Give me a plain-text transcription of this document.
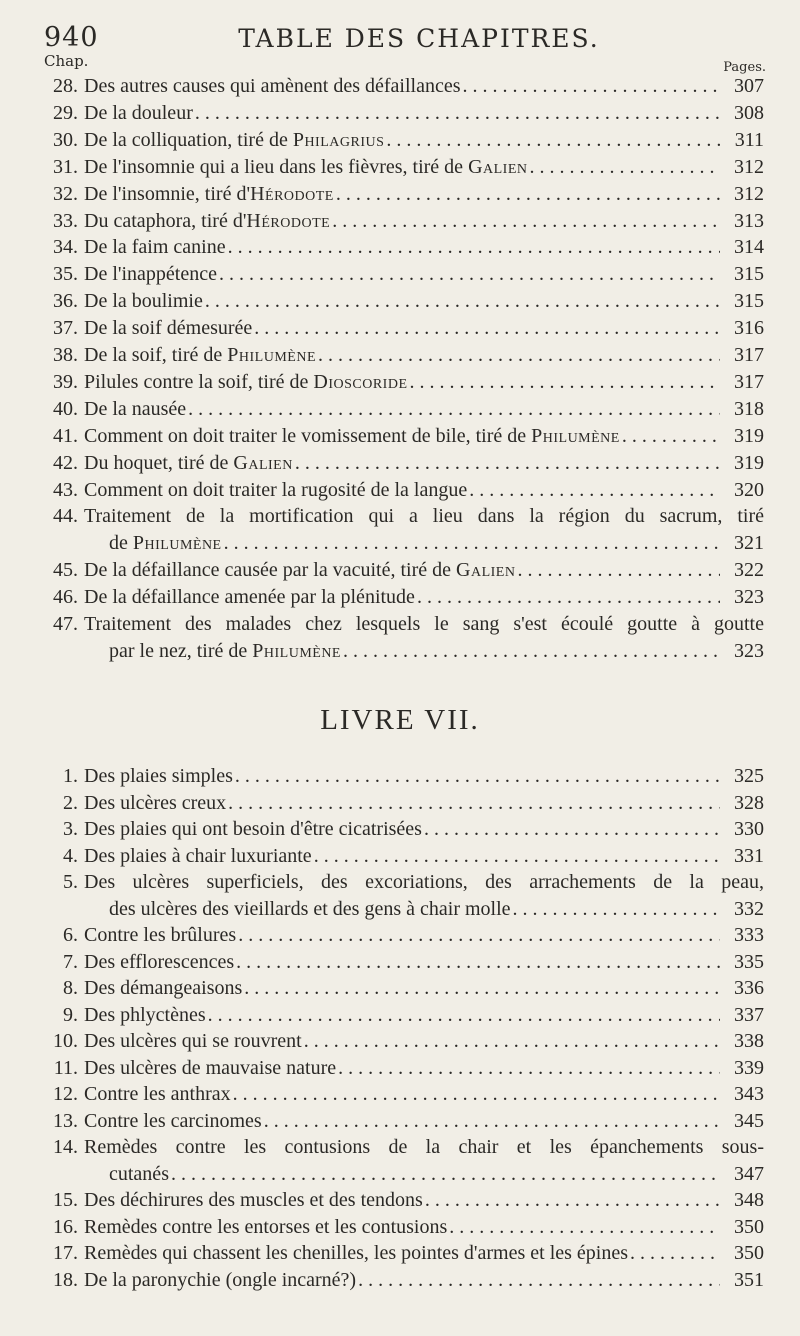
940	TABLE DES CHAPITRES.
Chap.	Pages.
28. Des autres causes qui amènent des défaillances . . .	307
29. De la douleur . . .	308
30. De la colliquation, tiré de Philagrius . . .	311
31. De l'insomnie qui a lieu dans les fièvres, tiré de Galien . . .	312
32. De l'insomnie, tiré d'Hérodote . . .	312
33. Du cataphora, tiré d'Hérodote . . .	313
34. De la faim canine . . .	314
35. De l'inappétence . . .	315
36. De la boulimie . . .	315
37. De la soif démesurée . . .	316
38. De la soif, tiré de Philumène . . .	317
39. Pilules contre la soif, tiré de Dioscoride . . .	317
40. De la nausée . . .	318
41. Comment on doit traiter le vomissement de bile, tiré de Philumène . . .	319
42. Du hoquet, tiré de Galien . . .	319
43. Comment on doit traiter la rugosité de la langue . . .	320
44. Traitement de la mortification qui a lieu dans la région du sacrum, tiré
de Philumène . . .	321
45. De la défaillance causée par la vacuité, tiré de Galien . . .	322
46. De la défaillance amenée par la plénitude . . .	323
47. Traitement des malades chez lesquels le sang s'est écoulé goutte à goutte
par le nez, tiré de Philumène . . .	323
LIVRE VII.
1. Des plaies simples . . .	325
2. Des ulcères creux . . .	328
3. Des plaies qui ont besoin d'être cicatrisées . . .	330
4. Des plaies à chair luxuriante . . .	331
5. Des ulcères superficiels, des excoriations, des arrachements de la peau,
des ulcères des vieillards et des gens à chair molle . . .	332
6. Contre les brûlures . . .	333
7. Des efflorescences . . .	335
8. Des démangeaisons . . .	336
9. Des phlyctènes . . .	337
10. Des ulcères qui se rouvrent . . .	338
11. Des ulcères de mauvaise nature . . .	339
12. Contre les anthrax . . .	343
13. Contre les carcinomes . . .	345
14. Remèdes contre les contusions de la chair et les épanchements sous-
cutanés . . .	347
15. Des déchirures des muscles et des tendons . . .	348
16. Remèdes contre les entorses et les contusions . . .	350
17. Remèdes qui chassent les chenilles, les pointes d'armes et les épines . . .	350
18. De la paronychie (ongle incarné?) . . .	351
